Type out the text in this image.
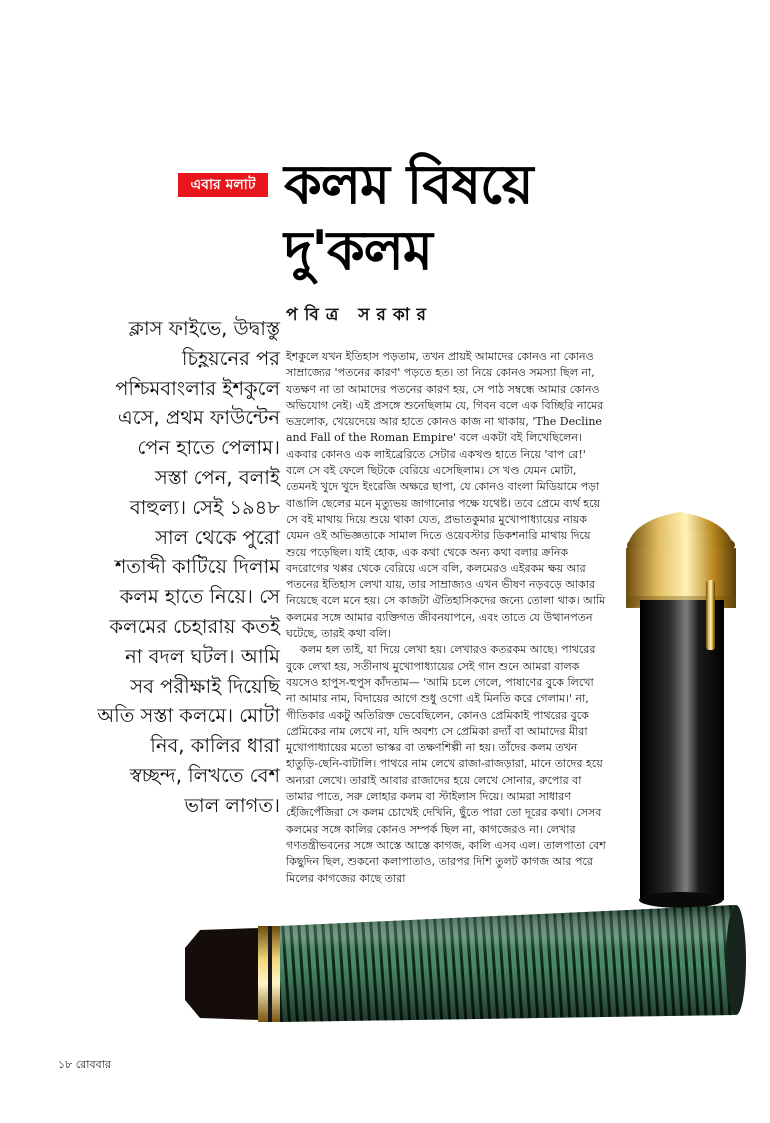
এবার মলাট কলম বিষয়ে
দু'কলম
পবিত্র সরকার

ক্লাস ফাইভে, উদ্বাস্তু
চিহ্ণয়নের পর
পশ্চিমবাংলার ইশকুলে
এসে, প্রথম ফাউন্টেন
পেন হাতে পেলাম।
সস্তা পেন, বলাই
বাহুল্য। সেই ১৯৪৮
সাল থেকে পুরো
শতাব্দী কাটিয়ে দিলাম
কলম হাতে নিয়ে। সে
কলমের চেহারায় কতই
না বদল ঘটল। আমি
সব পরীক্ষাই দিয়েছি
অতি সস্তা কলমে। মোটা
নিব, কালির ধারা
স্বচ্ছন্দ, লিখতে বেশ
ভাল লাগত।

ইশকুলে যখন ইতিহাস পড়তাম, তখন প্রায়ই আমাদের কোনও না কোনও সাম্রাজ্যের 'পতনের কারণ' পড়তে হত। তা নিয়ে কোনও সমস্যা ছিল না, যতক্ষণ না তা আমাদের পতনের কারণ হয়, সে পাঠ সম্বন্ধে আমার কোনও অভিযোগ নেই। এই প্রসঙ্গে শুনেছিলাম যে, গিবন বলে এক বিচ্ছিরি নামের ভদ্রলোক, খেয়েদেয়ে আর হাতে কোনও কাজ না থাকায়, 'The Decline and Fall of the Roman Empire' বলে একটা বই লিখেছিলেন। একবার কোনও এক লাইব্রেরিতে সেটার একখণ্ড হাতে নিয়ে 'বাপ রে!' বলে সে বই ফেলে ছিটকে বেরিয়ে এসেছিলাম। সে খণ্ড যেমন মোটা, তেমনই খুদে খুদে ইংরেজি অক্ষরে ছাপা, যে কোনও বাংলা মিডিয়ামে পড়া বাঙালি ছেলের মনে মৃত্যুভয় জাগানোর পক্ষে যথেষ্ট। তবে প্রেমে ব্যর্থ হয়ে সে বই মাথায় দিয়ে শুয়ে থাকা যেত, প্রভাতকুমার মুখোপাধ্যায়ের নায়ক যেমন ওই অভিজ্ঞতাকে সামাল দিতে ওয়েবস্টার ডিকশনারি মাথায় দিয়ে শুয়ে পড়েছিল। যাই হোক, এক কথা থেকে অন্য কথা বলার ক্রনিক বদরোগের খপ্পর থেকে বেরিয়ে এসে বলি, কলমেরও এইরকম ক্ষয় আর পতনের ইতিহাস লেখা যায়, তার সাম্রাজ্যও এখন ভীষণ নড়বড়ে আকার নিয়েছে বলে মনে হয়। সে কাজটা ঐতিহাসিকদের জন্যে তোলা থাক। আমি কলমের সঙ্গে আমার ব্যক্তিগত জীবনযাপনে, এবং তাতে যে উত্থানপতন ঘটেছে, তারই কথা বলি।

কলম হল তাই, যা দিয়ে লেখা হয়। লেখারও কতরকম আছে। পাথরের বুকে লেখা হয়, সতীনাথ মুখোপাধ্যায়ের সেই গান শুনে আমরা বালক বয়সেও হাপুস-হুপুস কাঁদতাম— 'আমি চলে গেলে, পাষাণের বুকে লিখো না আমার নাম, বিদায়ের আগে শুধু ওগো এই মিনতি করে গেলাম।' না, গীতিকার একটু অতিরিক্ত ভেবেছিলেন, কোনও প্রেমিকাই পাথরের বুকে প্রেমিকের নাম লেখে না, যদি অবশ্য সে প্রেমিকা রদ্যাঁ বা আমাদের মীরা মুখোপাধ্যায়ের মতো ভাস্কর বা তক্ষণশিল্পী না হয়। তাঁদের কলম তখন হাতুড়ি-ছেনি-বাটালি। পাথরে নাম লেখে রাজা-রাজড়ারা, মানে তাদের হয়ে অন্যরা লেখে। তারাই আবার রাজাদের হয়ে লেখে সোনার, রুপোর বা তামার পাতে, সরু লোহার কলম বা স্টাইলাস দিয়ে। আমরা সাধারণ হেঁজিপেঁজিরা সে কলম চোখেই দেখিনি, ছুঁতে পারা তো দূরের কথা। সেসব কলমের সঙ্গে কালির কোনও সম্পর্ক ছিল না, কাগজেরও না। লেখার গণতন্ত্রীভবনের সঙ্গে আস্তে আস্তে কাগজ, কালি এসব এল। তালপাতা বেশ কিছুদিন ছিল, শুকনো কলাপাতাও, তারপর দিশি তুলট কাগজ আর পরে মিলের কাগজের কাছে তারা

১৮ রোববার
